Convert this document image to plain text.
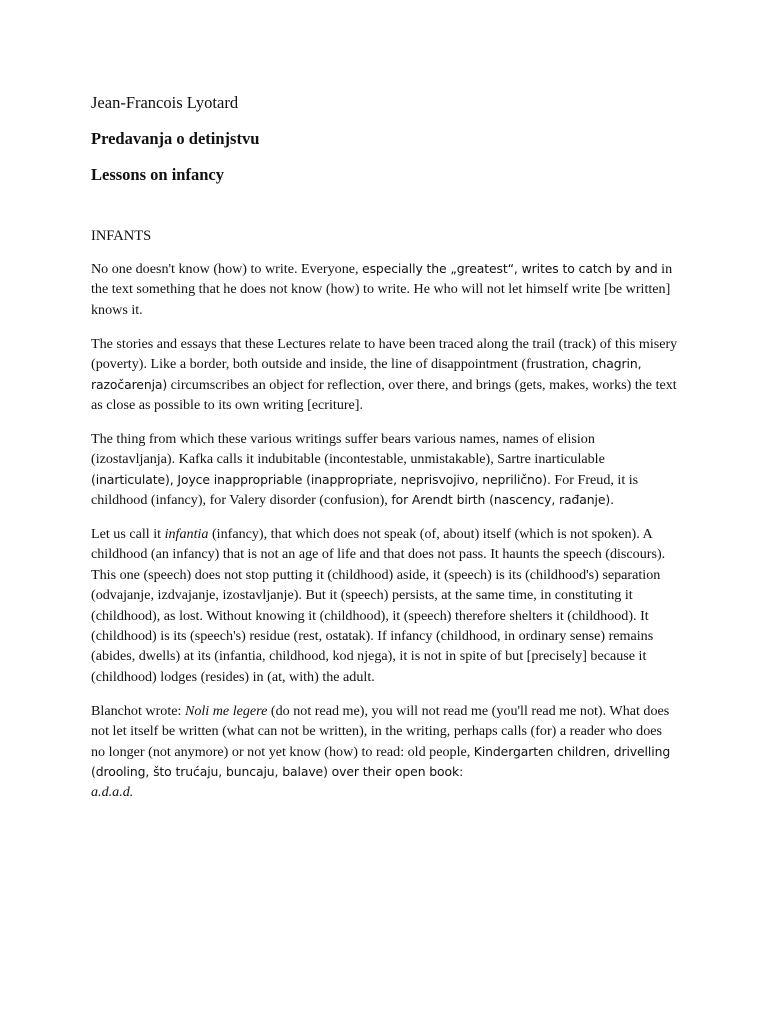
Jean-Francois Lyotard
Predavanja o detinjstvu
Lessons on infancy
INFANTS

No one doesn't know (how) to write. Everyone, especially the „greatest“, writes to catch by and in the text something that he does not know (how) to write. He who will not let himself write [be written] knows it.

The stories and essays that these Lectures relate to have been traced along the trail (track) of this misery (poverty). Like a border, both outside and inside, the line of disappointment (frustration, chagrin, razočarenja) circumscribes an object for reflection, over there, and brings (gets, makes, works) the text as close as possible to its own writing [ecriture].

The thing from which these various writings suffer bears various names, names of elision (izostavljanja). Kafka calls it indubitable (incontestable, unmistakable), Sartre inarticulable (inarticulate), Joyce inappropriable (inappropriate, neprisvojivo, neprilično). For Freud, it is childhood (infancy), for Valery disorder (confusion), for Arendt birth (nascency, rađanje).

Let us call it infantia (infancy), that which does not speak (of, about) itself (which is not spoken). A childhood (an infancy) that is not an age of life and that does not pass. It haunts the speech (discours). This one (speech) does not stop putting it (childhood) aside, it (speech) is its (childhood's) separation (odvajanje, izdvajanje, izostavljanje). But it (speech) persists, at the same time, in constituting it (childhood), as lost. Without knowing it (childhood), it (speech) therefore shelters it (childhood). It (childhood) is its (speech's) residue (rest, ostatak). If infancy (childhood, in ordinary sense) remains (abides, dwells) at its (infantia, childhood, kod njega), it is not in spite of but [precisely] because it (childhood) lodges (resides) in (at, with) the adult.

Blanchot wrote: Noli me legere (do not read me), you will not read me (you'll read me not). What does not let itself be written (what can not be written), in the writing, perhaps calls (for) a reader who does no longer (not anymore) or not yet know (how) to read: old people, Kindergarten children, drivelling (drooling, što trućaju, buncaju, balave) over their open book:
a.d.a.d.
